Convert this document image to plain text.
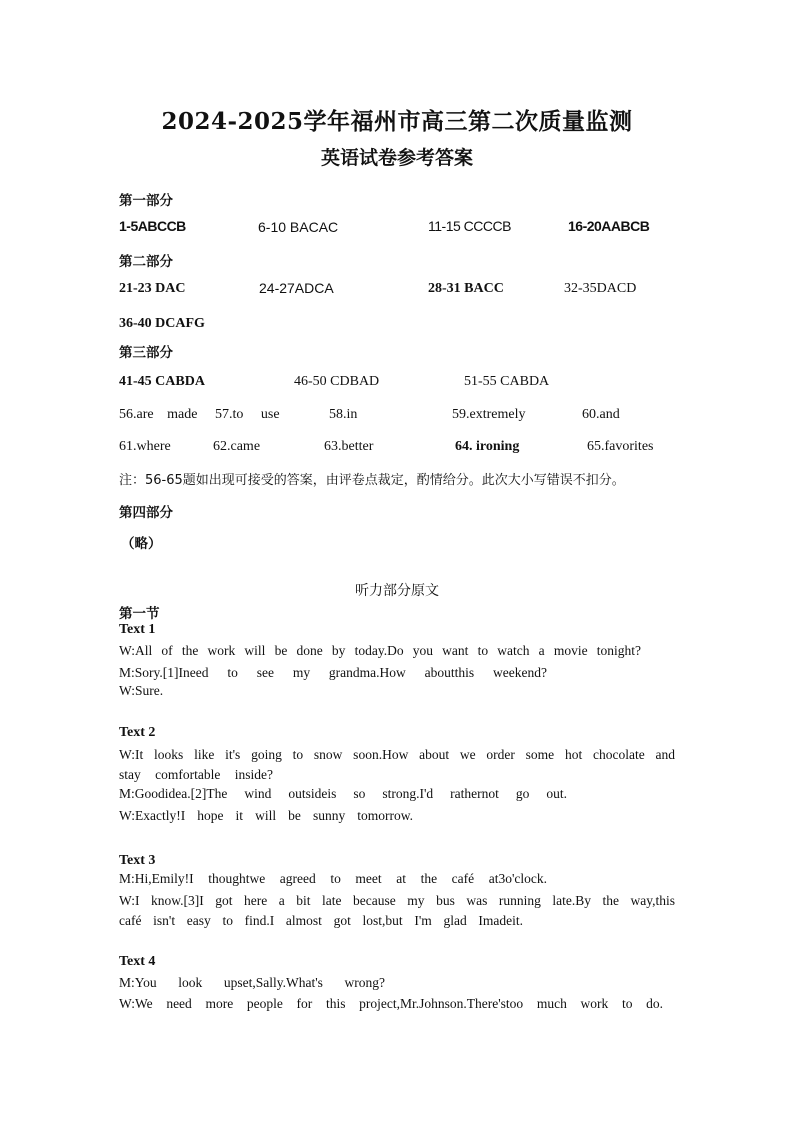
2024-2025学年福州市高三第二次质量监测
英语试卷参考答案
第一部分
1-5ABCCB	6-10 BACAC	11-15 CCCCB	16-20AABCB
第二部分
21-23 DAC	24-27ADCA	28-31 BACC	32-35DACD
36-40 DCAFG
第三部分
41-45 CABDA	46-50 CDBAD	51-55 CABDA
56.are made 57.to use	58.in	59.extremely	60.and
61.where	62.came	63.better	64. ironing	65.favorites
注：56-65题如出现可接受的答案，由评卷点裁定，酌情给分。此次大小写错误不扣分。
第四部分
（略）
听力部分原文
第一节
Text 1
W:All of the work will be done by today.Do you want to watch a movie tonight?
M:Sory.[1]Ineed to see my grandma.How aboutthis weekend?
W:Sure.
Text 2
W:It looks like it's going to snow soon.How about we order some hot chocolate and
stay comfortable inside?
M:Goodidea.[2]The wind outsideis so strong.I'd rathernot go out.
W:Exactly!I hope it will be sunny tomorrow.
Text 3
M:Hi,Emily!I thoughtwe agreed to meet at the café at3o'clock.
W:I know.[3]I got here a bit late because my bus was running late.By the way,this
café isn't easy to find.I almost got lost,but I'm glad Imadeit.
Text 4
M:You look upset,Sally.What's wrong?
W:We need more people for this project,Mr.Johnson.There'stoo much work to do.
